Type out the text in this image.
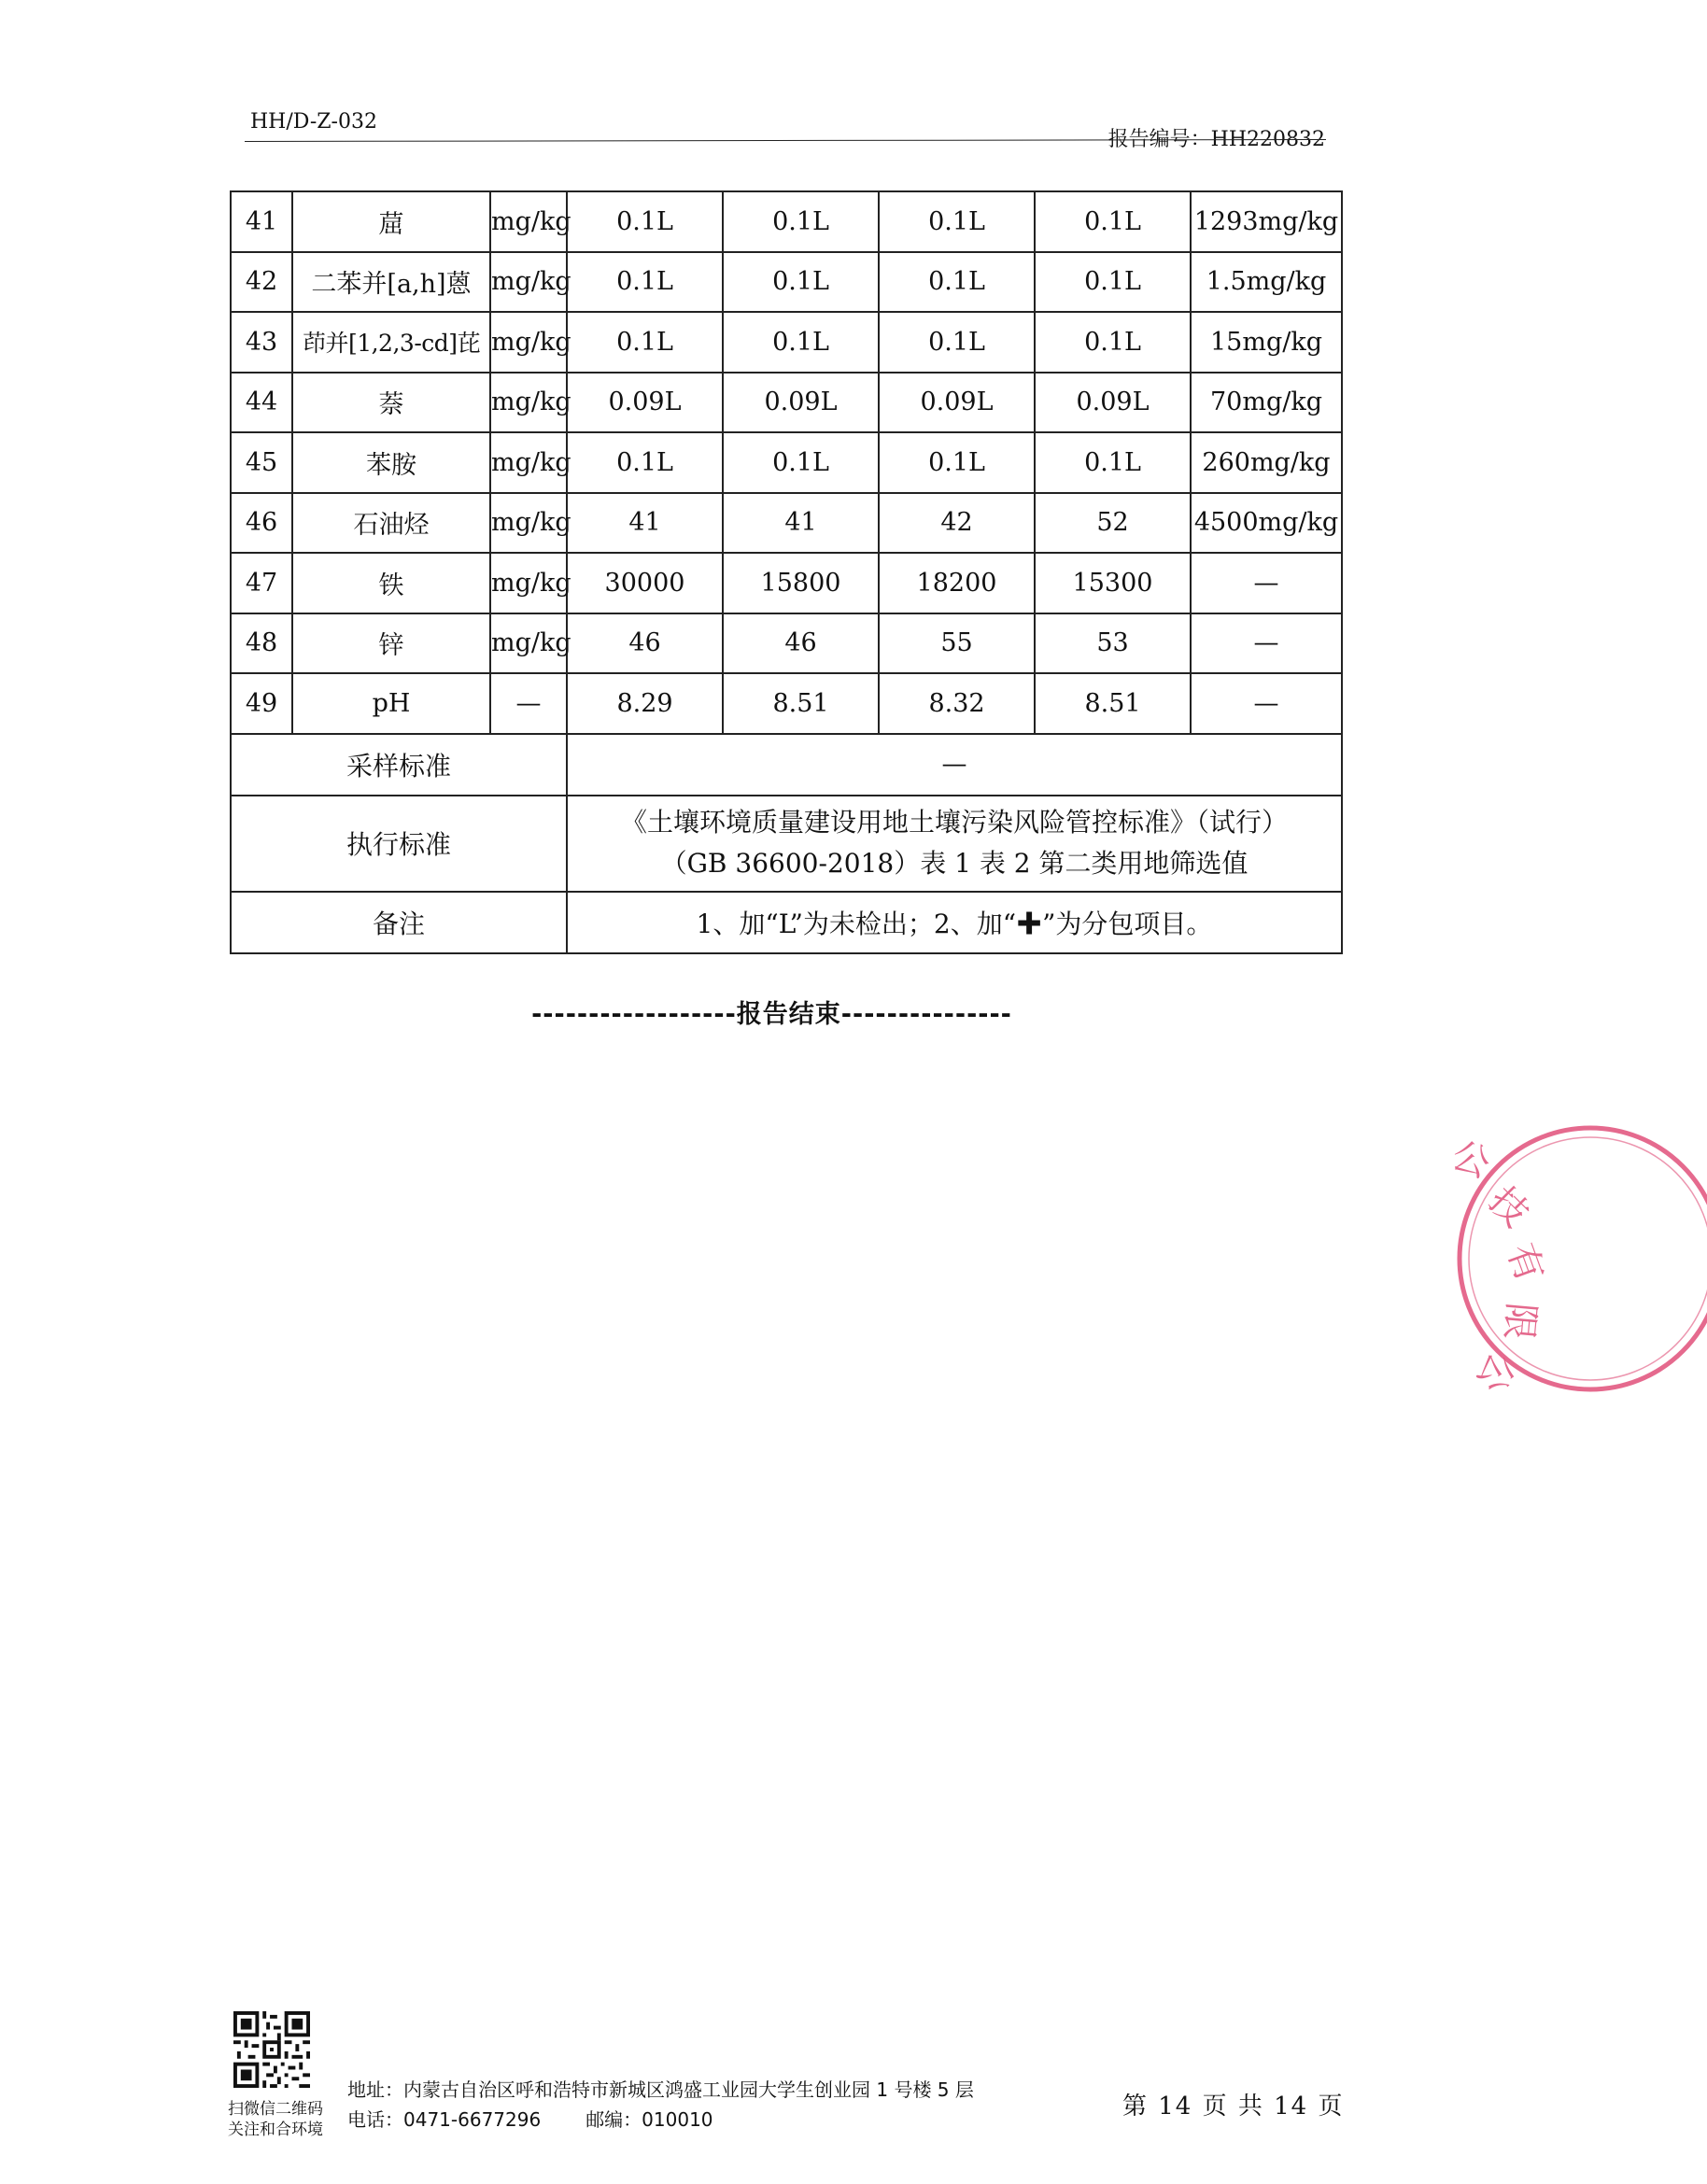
HH/D-Z-032
报告编号：HH220832
41	䓛	mg/kg	0.1L	0.1L	0.1L	0.1L	1293mg/kg
42	二苯并[a,h]蒽	mg/kg	0.1L	0.1L	0.1L	0.1L	1.5mg/kg
43	茚并[1,2,3-cd]芘	mg/kg	0.1L	0.1L	0.1L	0.1L	15mg/kg
44	萘	mg/kg	0.09L	0.09L	0.09L	0.09L	70mg/kg
45	苯胺	mg/kg	0.1L	0.1L	0.1L	0.1L	260mg/kg
46	石油烃	mg/kg	41	41	42	52	4500mg/kg
47	铁	mg/kg	30000	15800	18200	15300	—
48	锌	mg/kg	46	46	55	53	—
49	pH	—	8.29	8.51	8.32	8.51	—
采样标准			—				
执行标准			《土壤环境质量建设用地土壤污染风险管控标准》（试行）
（GB 36600-2018）表 1 表 2 第二类用地筛选值				

备注			1、加“L”为未检出；2、加“✚”为分包项目。				
------------------报告结束---------------
公
技
有
限
公
扫微信二维码
关注和合环境
地址：内蒙古自治区呼和浩特市新城区鸿盛工业园大学生创业园 1 号楼 5 层
电话：0471-6677296 邮编：010010	第 14 页 共 14 页
